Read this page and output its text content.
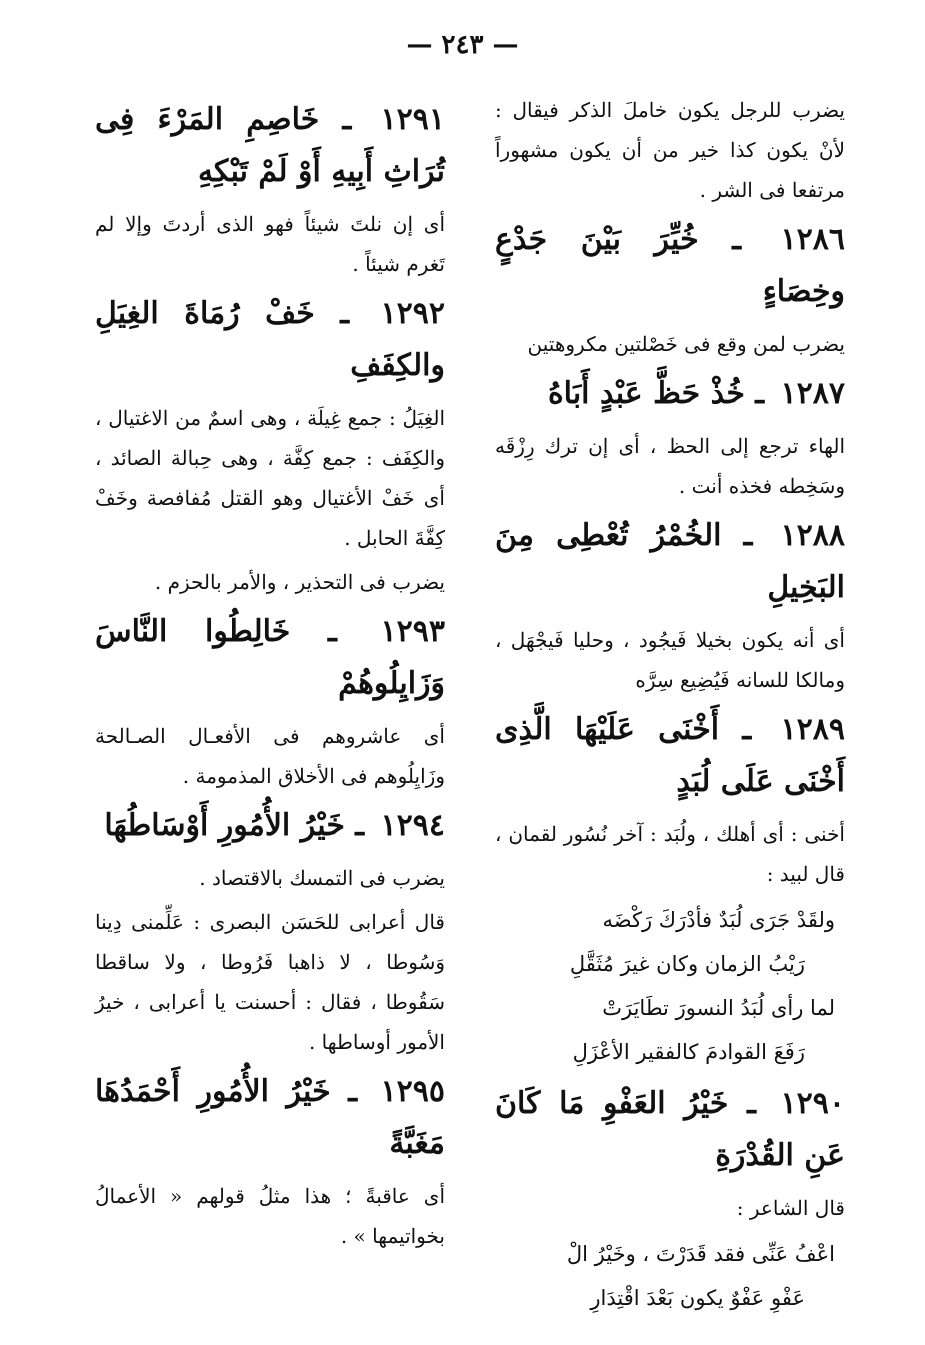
— ٢٤٣ —

يضرب للرجل يكون خاملَ الذكر فيقال : لأنْ يكون كذا خير من أن يكون مشهوراً مرتفعا فى الشر .

١٢٨٦ ـ خُيِّرَ بَيْنَ جَدْعٍ وخِصَاءٍ

يضرب لمن وقع فى خَصْلتين مكروهتين

١٢٨٧ ـ خُذْ حَظَّ عَبْدٍ أَبَاهُ

الهاء ترجع إلى الحظ ، أى إن ترك رِزْقَه وسَخِطه فخذه أنت .

١٢٨٨ ـ الخُمْرُ تُعْطِى مِنَ البَخِيلِ

أى أنه يكون بخيلا فَيجُود ، وحليا فَيجْهَل ، ومالكا للسانه فَيُضِيع سِرَّه

١٢٨٩ ـ أَخْنَى عَلَيْهَا الَّذِى أَخْنَى عَلَى لُبَدٍ

أخنى : أى أهلك ، ولُبَد : آخر نُسُور لقمان ، قال لبيد :

ولقَدْ جَرَى لُبَدٌ فأدْرَكَ رَكْضَه

رَيْبُ الزمان وكان غيرَ مُثَقَّلِ

لما رأى لُبَدُ النسورَ تطَايَرَتْ

رَفَعَ القوادمَ كالفقير الأعْزَلِ

١٢٩٠ ـ خَيْرُ العَفْوِ مَا كَانَ عَنِ القُدْرَةِ

قال الشاعر :

اعْفُ عَنِّى فقد قَدَرْتَ ، وخَيْرُ الْ

عَفْوِ عَفْوٌ يكون بَعْدَ اقْتِدَارِ

١٢٩١ ـ خَاصِمِ المَرْءَ فِى تُرَاثِ أَبِيهِ أَوْ لَمْ تَبْكِهِ

أى إن نلتَ شيئاً فهو الذى أردتَ وإلا لم تَغرم شيئاً .

١٢٩٢ ـ خَفْ رُمَاةَ الغِيَلِ والكِفَفِ

الغِيَلُ : جمع غِيلَة ، وهى اسمٌ من الاغتيال ، والكِفَف : جمع كِفَّة ، وهى حِبالة الصائد ، أى خَفْ الأغتيال وهو القتل مُفافصة وخَفْ كِفَّةَ الحابل .

يضرب فى التحذير ، والأمر بالحزم .

١٢٩٣ ـ خَالِطُوا النَّاسَ وَزَايِلُوهُمْ

أى عاشروهم فى الأفعـال الصـالحة وزَايِلُوهم فى الأخلاق المذمومة .

١٢٩٤ ـ خَيْرُ الأُمُورِ أَوْسَاطُهَا

يضرب فى التمسك بالاقتصاد .

قال أعرابى للحَسَن البصرى : عَلِّمنى دِينا وَسُوطا ، لا ذاهبا فَرُوطا ، ولا ساقطا سَقُوطا ، فقال : أحسنت يا أعرابى ، خيرُ الأمور أوساطها .

١٢٩٥ ـ خَيْرُ الأُمُورِ أَحْمَدُهَا مَغَبَّةً

أى عاقبةً ؛ هذا مثلُ قولهم « الأعمالُ بخواتيمها » .
